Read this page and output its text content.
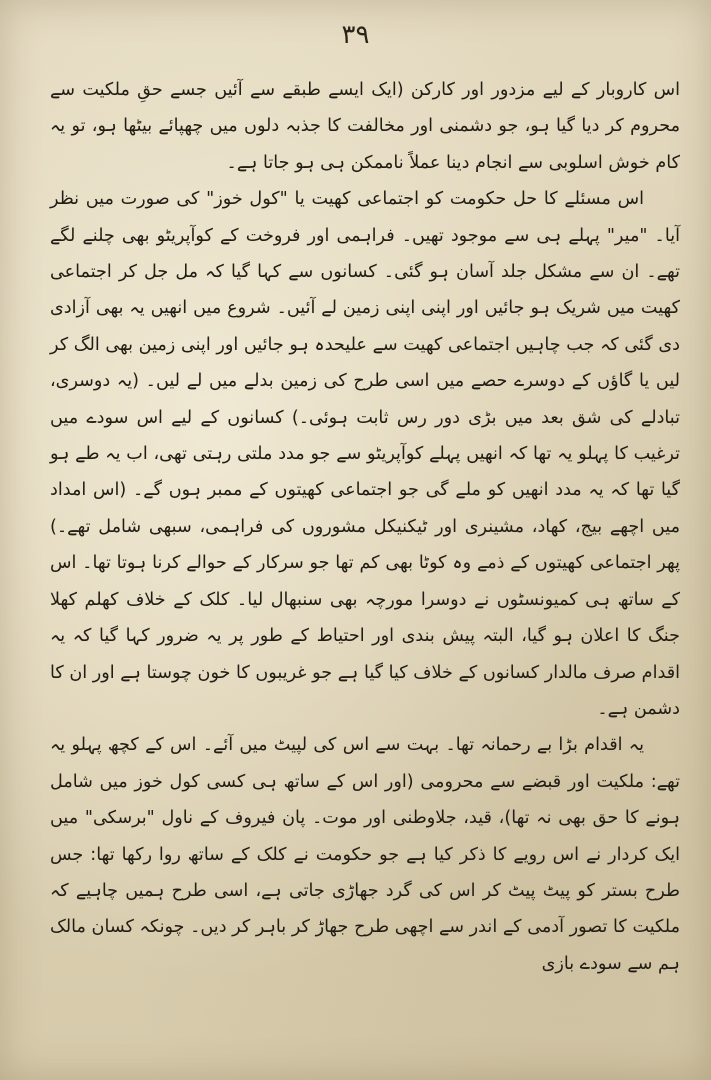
۳۹

اس کاروبار کے لیے مزدور اور کارکن (ایک ایسے طبقے سے آئیں جسے حقِ ملکیت سے محروم کر دیا گیا ہو، جو دشمنی اور مخالفت کا جذبہ دلوں میں چھپائے بیٹھا ہو، تو یہ کام خوش اسلوبی سے انجام دینا عملاً ناممکن ہی ہو جاتا ہے۔

اس مسئلے کا حل حکومت کو اجتماعی کھیت یا "کول خوز" کی صورت میں نظر آیا۔ "میر" پہلے ہی سے موجود تھیں۔ فراہمی اور فروخت کے کوآپریٹو بھی چلنے لگے تھے۔ ان سے مشکل جلد آسان ہو گئی۔ کسانوں سے کہا گیا کہ مل جل کر اجتماعی کھیت میں شریک ہو جائیں اور اپنی اپنی زمین لے آئیں۔ شروع میں انھیں یہ بھی آزادی دی گئی کہ جب چاہیں اجتماعی کھیت سے علیحدہ ہو جائیں اور اپنی زمین بھی الگ کر لیں یا گاؤں کے دوسرے حصے میں اسی طرح کی زمین بدلے میں لے لیں۔ (یہ دوسری، تبادلے کی شق بعد میں بڑی دور رس ثابت ہوئی۔) کسانوں کے لیے اس سودے میں ترغیب کا پہلو یہ تھا کہ انھیں پہلے کوآپریٹو سے جو مدد ملتی رہتی تھی، اب یہ طے ہو گیا تھا کہ یہ مدد انھیں کو ملے گی جو اجتماعی کھیتوں کے ممبر ہوں گے۔ (اس امداد میں اچھے بیج، کھاد، مشینری اور ٹیکنیکل مشوروں کی فراہمی، سبھی شامل تھے۔) پھر اجتماعی کھیتوں کے ذمے وہ کوٹا بھی کم تھا جو سرکار کے حوالے کرنا ہوتا تھا۔ اس کے ساتھ ہی کمیونسٹوں نے دوسرا مورچہ بھی سنبھال لیا۔ کلک کے خلاف کھلم کھلا جنگ کا اعلان ہو گیا، البتہ پیش بندی اور احتیاط کے طور پر یہ ضرور کہا گیا کہ یہ اقدام صرف مالدار کسانوں کے خلاف کیا گیا ہے جو غریبوں کا خون چوستا ہے اور ان کا دشمن ہے۔

یہ اقدام بڑا بے رحمانہ تھا۔ بہت سے اس کی لپیٹ میں آئے۔ اس کے کچھ پہلو یہ تھے: ملکیت اور قبضے سے محرومی (اور اس کے ساتھ ہی کسی کول خوز میں شامل ہونے کا حق بھی نہ تھا)، قید، جلاوطنی اور موت۔ پان فیروف کے ناول "برسکی" میں ایک کردار نے اس رویے کا ذکر کیا ہے جو حکومت نے کلک کے ساتھ روا رکھا تھا: جس طرح بستر کو پیٹ پیٹ کر اس کی گرد جھاڑی جاتی ہے، اسی طرح ہمیں چاہیے کہ ملکیت کا تصور آدمی کے اندر سے اچھی طرح جھاڑ کر باہر کر دیں۔ چونکہ کسان مالک ہم سے سودے بازی
